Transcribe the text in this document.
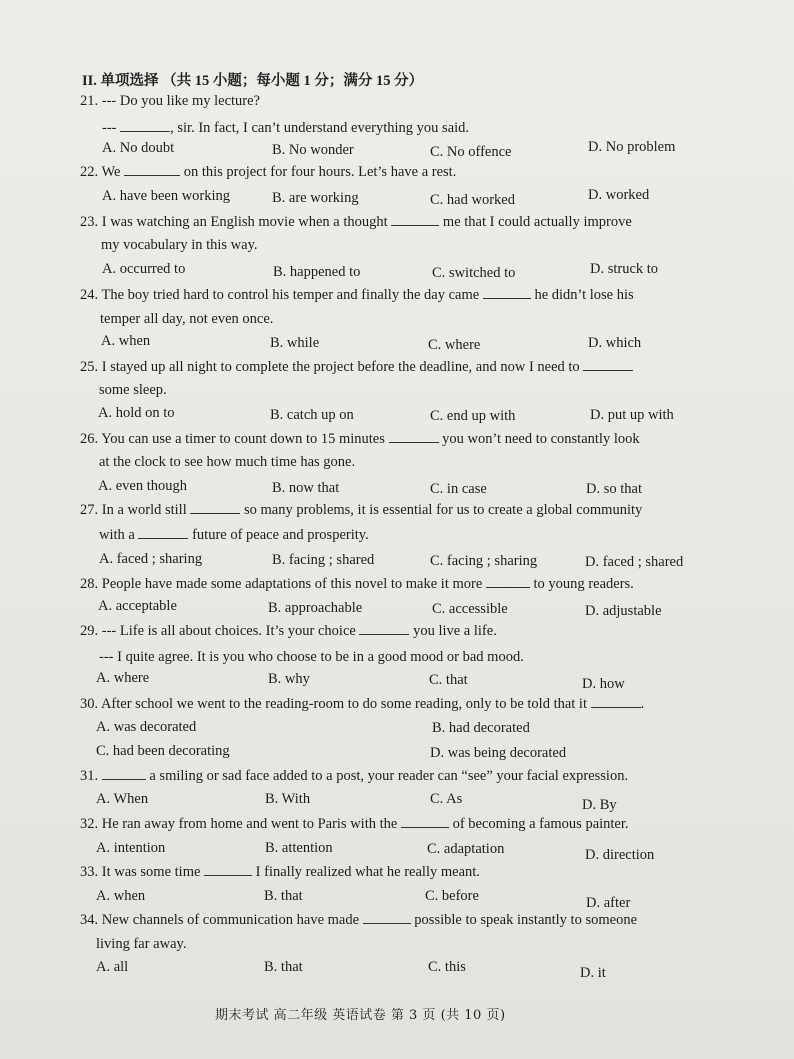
II. 单项选择 （共 15 小题；每小题 1 分；满分 15 分）
21. --- Do you like my lecture?
---	, sir. In fact, I can’t understand everything you said.
A. No doubt	B. No wonder	C. No offence	D. No problem
22. We	on this project for four hours. Let’s have a rest.
A. have been working	B. are working	C. had worked	D. worked
23. I was watching an English movie when a thought	me that I could actually improve
my vocabulary in this way.
A. occurred to	B. happened to	C. switched to	D. struck to
24. The boy tried hard to control his temper and finally the day came	he didn’t lose his
temper all day, not even once.
A. when	B. while	C. where	D. which
25. I stayed up all night to complete the project before the deadline, and now I need to
some sleep.
A. hold on to	B. catch up on	C. end up with	D. put up with
26. You can use a timer to count down to 15 minutes	you won’t need to constantly look
at the clock to see how much time has gone.
A. even though	B. now that	C. in case	D. so that
27. In a world still	so many problems, it is essential for us to create a global community
with a	future of peace and prosperity.
A. faced ; sharing	B. facing ; shared	C. facing ; sharing	D. faced ; shared
28. People have made some adaptations of this novel to make it more	to young readers.
A. acceptable	B. approachable	C. accessible	D. adjustable
29. --- Life is all about choices. It’s your choice	you live a life.
--- I quite agree. It is you who choose to be in a good mood or bad mood.
A. where	B. why	C. that	D. how
30. After school we went to the reading-room to do some reading, only to be told that it	.
A. was decorated	B. had decorated
C. had been decorating	D. was being decorated
31.	a smiling or sad face added to a post, your reader can “see” your facial expression.
A. When	B. With	C. As	D. By
32. He ran away from home and went to Paris with the	of becoming a famous painter.
A. intention	B. attention	C. adaptation	D. direction
33. It was some time	I finally realized what he really meant.
A. when	B. that	C. before	D. after
34. New channels of communication have made	possible to speak instantly to someone
living far away.
A. all	B. that	C. this	D. it
期末考试 高二年级 英语试卷 第 3 页 (共 10 页)
